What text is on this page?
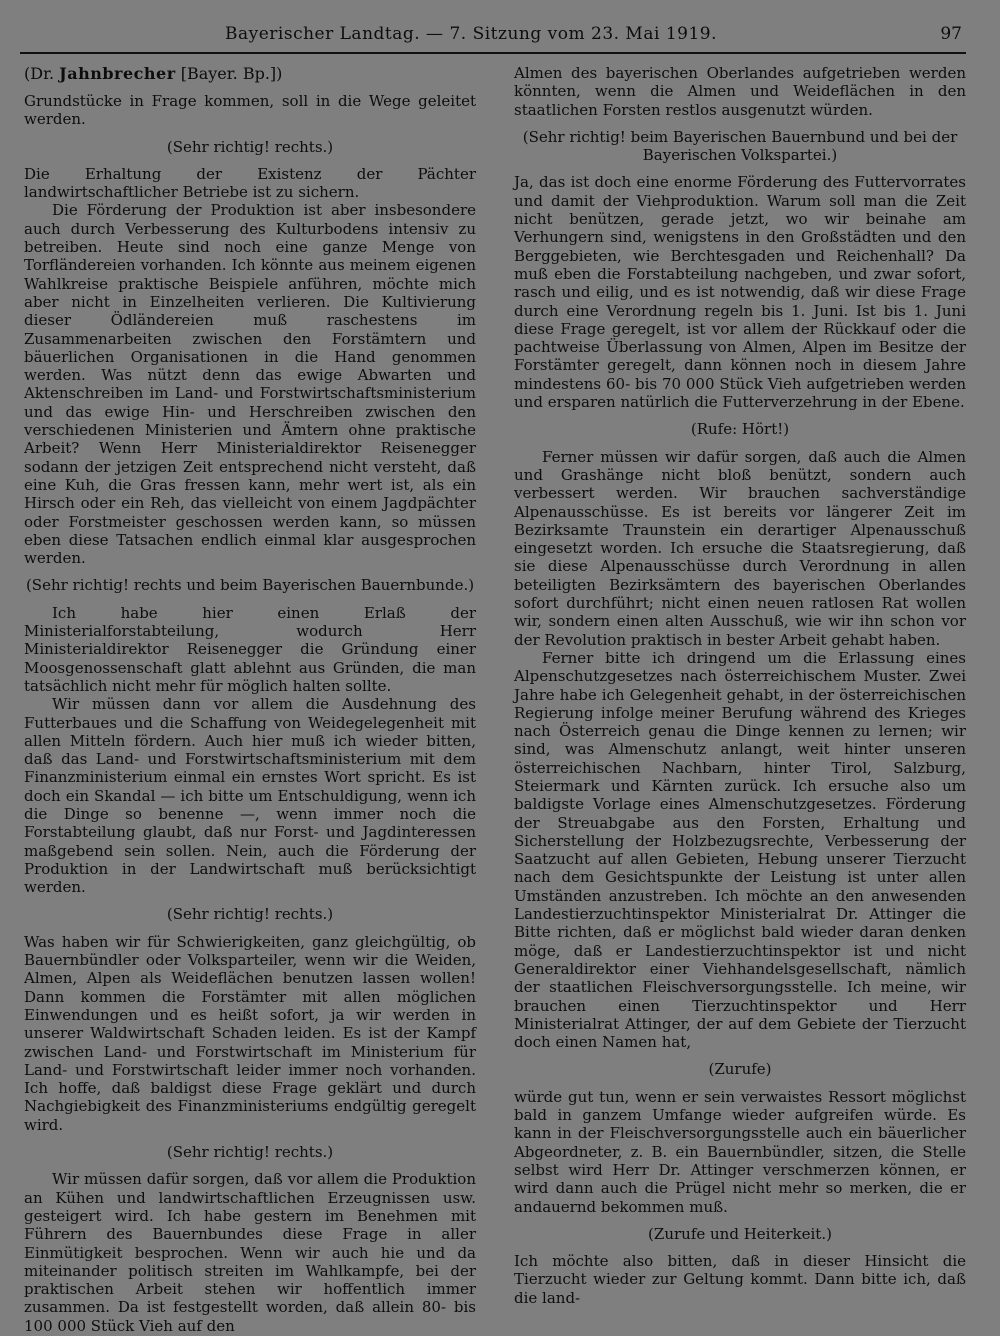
Bayerischer Landtag. — 7. Sitzung vom 23. Mai 1919.	97

(Dr. Jahnbrecher [Bayer. Bp.])

Grundstücke in Frage kommen, soll in die Wege geleitet werden.

(Sehr richtig! rechts.)

Die Erhaltung der Existenz der Pächter landwirtschaftlicher Betriebe ist zu sichern.

Die Förderung der Produktion ist aber insbesondere auch durch Verbesserung des Kulturbodens intensiv zu betreiben. Heute sind noch eine ganze Menge von Torfländereien vorhanden. Ich könnte aus meinem eigenen Wahlkreise praktische Beispiele anführen, möchte mich aber nicht in Einzelheiten verlieren. Die Kultivierung dieser Ödländereien muß raschestens im Zusammenarbeiten zwischen den Forstämtern und bäuerlichen Organisationen in die Hand genommen werden. Was nützt denn das ewige Abwarten und Aktenschreiben im Land- und Forstwirtschaftsministerium und das ewige Hin- und Herschreiben zwischen den verschiedenen Ministerien und Ämtern ohne praktische Arbeit? Wenn Herr Ministerialdirektor Reisenegger sodann der jetzigen Zeit entsprechend nicht versteht, daß eine Kuh, die Gras fressen kann, mehr wert ist, als ein Hirsch oder ein Reh, das vielleicht von einem Jagdpächter oder Forstmeister geschossen werden kann, so müssen eben diese Tatsachen endlich einmal klar ausgesprochen werden.

(Sehr richtig! rechts und beim Bayerischen Bauernbunde.)

Ich habe hier einen Erlaß der Ministerialforstabteilung, wodurch Herr Ministerialdirektor Reisenegger die Gründung einer Moosgenossenschaft glatt ablehnt aus Gründen, die man tatsächlich nicht mehr für möglich halten sollte.

Wir müssen dann vor allem die Ausdehnung des Futterbaues und die Schaffung von Weidegelegenheit mit allen Mitteln fördern. Auch hier muß ich wieder bitten, daß das Land- und Forstwirtschaftsministerium mit dem Finanzministerium einmal ein ernstes Wort spricht. Es ist doch ein Skandal — ich bitte um Entschuldigung, wenn ich die Dinge so benenne —, wenn immer noch die Forstabteilung glaubt, daß nur Forst- und Jagdinteressen maßgebend sein sollen. Nein, auch die Förderung der Produktion in der Landwirtschaft muß berücksichtigt werden.

(Sehr richtig! rechts.)

Was haben wir für Schwierigkeiten, ganz gleichgültig, ob Bauernbündler oder Volksparteiler, wenn wir die Weiden, Almen, Alpen als Weideflächen benutzen lassen wollen! Dann kommen die Forstämter mit allen möglichen Einwendungen und es heißt sofort, ja wir werden in unserer Waldwirtschaft Schaden leiden. Es ist der Kampf zwischen Land- und Forstwirtschaft im Ministerium für Land- und Forstwirtschaft leider immer noch vorhanden. Ich hoffe, daß baldigst diese Frage geklärt und durch Nachgiebigkeit des Finanzministeriums endgültig geregelt wird.

(Sehr richtig! rechts.)

Wir müssen dafür sorgen, daß vor allem die Produktion an Kühen und landwirtschaftlichen Erzeugnissen usw. gesteigert wird. Ich habe gestern im Benehmen mit Führern des Bauernbundes diese Frage in aller Einmütigkeit besprochen. Wenn wir auch hie und da miteinander politisch streiten im Wahlkampfe, bei der praktischen Arbeit stehen wir hoffentlich immer zusammen. Da ist festgestellt worden, daß allein 80- bis 100 000 Stück Vieh auf den

Almen des bayerischen Oberlandes aufgetrieben werden könnten, wenn die Almen und Weideflächen in den staatlichen Forsten restlos ausgenutzt würden.

(Sehr richtig! beim Bayerischen Bauernbund und bei der Bayerischen Volkspartei.)

Ja, das ist doch eine enorme Förderung des Futtervorrates und damit der Viehproduktion. Warum soll man die Zeit nicht benützen, gerade jetzt, wo wir beinahe am Verhungern sind, wenigstens in den Großstädten und den Berggebieten, wie Berchtesgaden und Reichenhall? Da muß eben die Forstabteilung nachgeben, und zwar sofort, rasch und eilig, und es ist notwendig, daß wir diese Frage durch eine Verordnung regeln bis 1. Juni. Ist bis 1. Juni diese Frage geregelt, ist vor allem der Rückkauf oder die pachtweise Überlassung von Almen, Alpen im Besitze der Forstämter geregelt, dann können noch in diesem Jahre mindestens 60- bis 70 000 Stück Vieh aufgetrieben werden und ersparen natürlich die Futterverzehrung in der Ebene.

(Rufe: Hört!)

Ferner müssen wir dafür sorgen, daß auch die Almen und Grashänge nicht bloß benützt, sondern auch verbessert werden. Wir brauchen sachverständige Alpenausschüsse. Es ist bereits vor längerer Zeit im Bezirksamte Traunstein ein derartiger Alpenausschuß eingesetzt worden. Ich ersuche die Staatsregierung, daß sie diese Alpenausschüsse durch Verordnung in allen beteiligten Bezirksämtern des bayerischen Oberlandes sofort durchführt; nicht einen neuen ratlosen Rat wollen wir, sondern einen alten Ausschuß, wie wir ihn schon vor der Revolution praktisch in bester Arbeit gehabt haben.

Ferner bitte ich dringend um die Erlassung eines Alpenschutzgesetzes nach österreichischem Muster. Zwei Jahre habe ich Gelegenheit gehabt, in der österreichischen Regierung infolge meiner Berufung während des Krieges nach Österreich genau die Dinge kennen zu lernen; wir sind, was Almenschutz anlangt, weit hinter unseren österreichischen Nachbarn, hinter Tirol, Salzburg, Steiermark und Kärnten zurück. Ich ersuche also um baldigste Vorlage eines Almenschutzgesetzes. Förderung der Streuabgabe aus den Forsten, Erhaltung und Sicherstellung der Holzbezugsrechte, Verbesserung der Saatzucht auf allen Gebieten, Hebung unserer Tierzucht nach dem Gesichtspunkte der Leistung ist unter allen Umständen anzustreben. Ich möchte an den anwesenden Landestierzuchtinspektor Ministerialrat Dr. Attinger die Bitte richten, daß er möglichst bald wieder daran denken möge, daß er Landestierzuchtinspektor ist und nicht Generaldirektor einer Viehhandelsgesellschaft, nämlich der staatlichen Fleischversorgungsstelle. Ich meine, wir brauchen einen Tierzuchtinspektor und Herr Ministerialrat Attinger, der auf dem Gebiete der Tierzucht doch einen Namen hat,

(Zurufe)

würde gut tun, wenn er sein verwaistes Ressort möglichst bald in ganzem Umfange wieder aufgreifen würde. Es kann in der Fleischversorgungsstelle auch ein bäuerlicher Abgeordneter, z. B. ein Bauernbündler, sitzen, die Stelle selbst wird Herr Dr. Attinger verschmerzen können, er wird dann auch die Prügel nicht mehr so merken, die er andauernd bekommen muß.

(Zurufe und Heiterkeit.)

Ich möchte also bitten, daß in dieser Hinsicht die Tierzucht wieder zur Geltung kommt. Dann bitte ich, daß die land-
